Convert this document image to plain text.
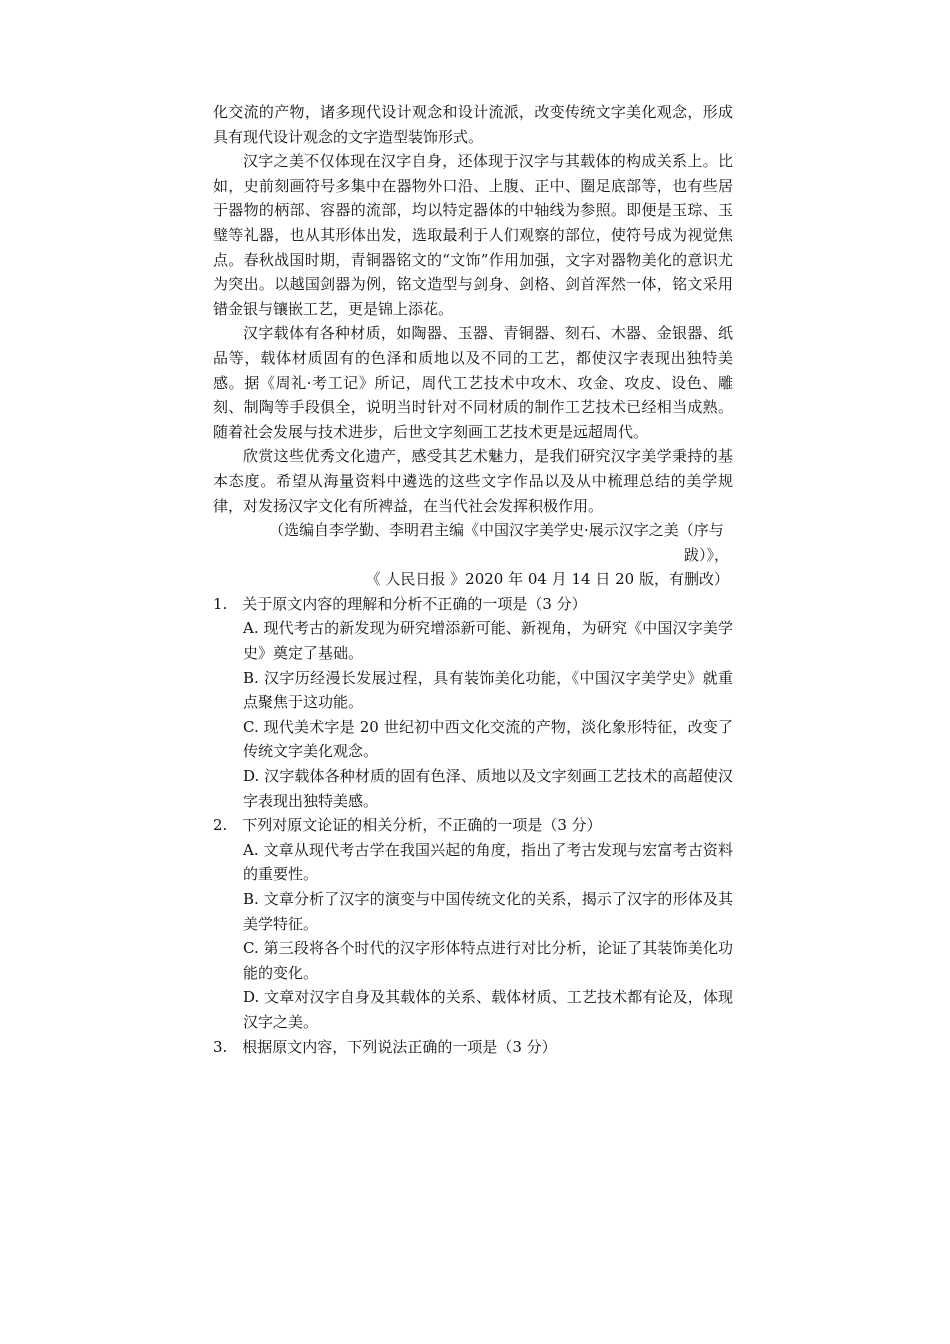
化交流的产物，诸多现代设计观念和设计流派，改变传统文字美化观念，形成具有现代设计观念的文字造型装饰形式。

汉字之美不仅体现在汉字自身，还体现于汉字与其载体的构成关系上。比如，史前刻画符号多集中在器物外口沿、上腹、正中、圈足底部等，也有些居于器物的柄部、容器的流部，均以特定器体的中轴线为参照。即便是玉琮、玉璧等礼器，也从其形体出发，选取最利于人们观察的部位，使符号成为视觉焦点。春秋战国时期，青铜器铭文的“文饰”作用加强，文字对器物美化的意识尤为突出。以越国剑器为例，铭文造型与剑身、剑格、剑首浑然一体，铭文采用错金银与镶嵌工艺，更是锦上添花。

汉字载体有各种材质，如陶器、玉器、青铜器、刻石、木器、金银器、纸品等，载体材质固有的色泽和质地以及不同的工艺，都使汉字表现出独特美感。据《周礼·考工记》所记，周代工艺技术中攻木、攻金、攻皮、设色、雕刻、制陶等手段俱全，说明当时针对不同材质的制作工艺技术已经相当成熟。随着社会发展与技术进步，后世文字刻画工艺技术更是远超周代。

欣赏这些优秀文化遗产，感受其艺术魅力，是我们研究汉字美学秉持的基本态度。希望从海量资料中遴选的这些文字作品以及从中梳理总结的美学规律，对发扬汉字文化有所裨益，在当代社会发挥积极作用。

（选编自李学勤、李明君主编《中国汉字美学史·展示汉字之美（序与

跋）》，

《 人民日报 》2020 年 04 月 14 日 20 版，有删改）

1.　关于原文内容的理解和分析不正确的一项是（3 分）

A. 现代考古的新发现为研究增添新可能、新视角，为研究《中国汉字美学史》奠定了基础。

B. 汉字历经漫长发展过程，具有装饰美化功能，《中国汉字美学史》就重点聚焦于这功能。

C. 现代美术字是 20 世纪初中西文化交流的产物，淡化象形特征，改变了传统文字美化观念。

D. 汉字载体各种材质的固有色泽、质地以及文字刻画工艺技术的高超使汉字表现出独特美感。

2.　下列对原文论证的相关分析，不正确的一项是（3 分）

A. 文章从现代考古学在我国兴起的角度，指出了考古发现与宏富考古资料的重要性。

B. 文章分析了汉字的演变与中国传统文化的关系，揭示了汉字的形体及其美学特征。

C. 第三段将各个时代的汉字形体特点进行对比分析，论证了其装饰美化功能的变化。

D. 文章对汉字自身及其载体的关系、载体材质、工艺技术都有论及，体现汉字之美。

3.　根据原文内容，下列说法正确的一项是（3 分）
